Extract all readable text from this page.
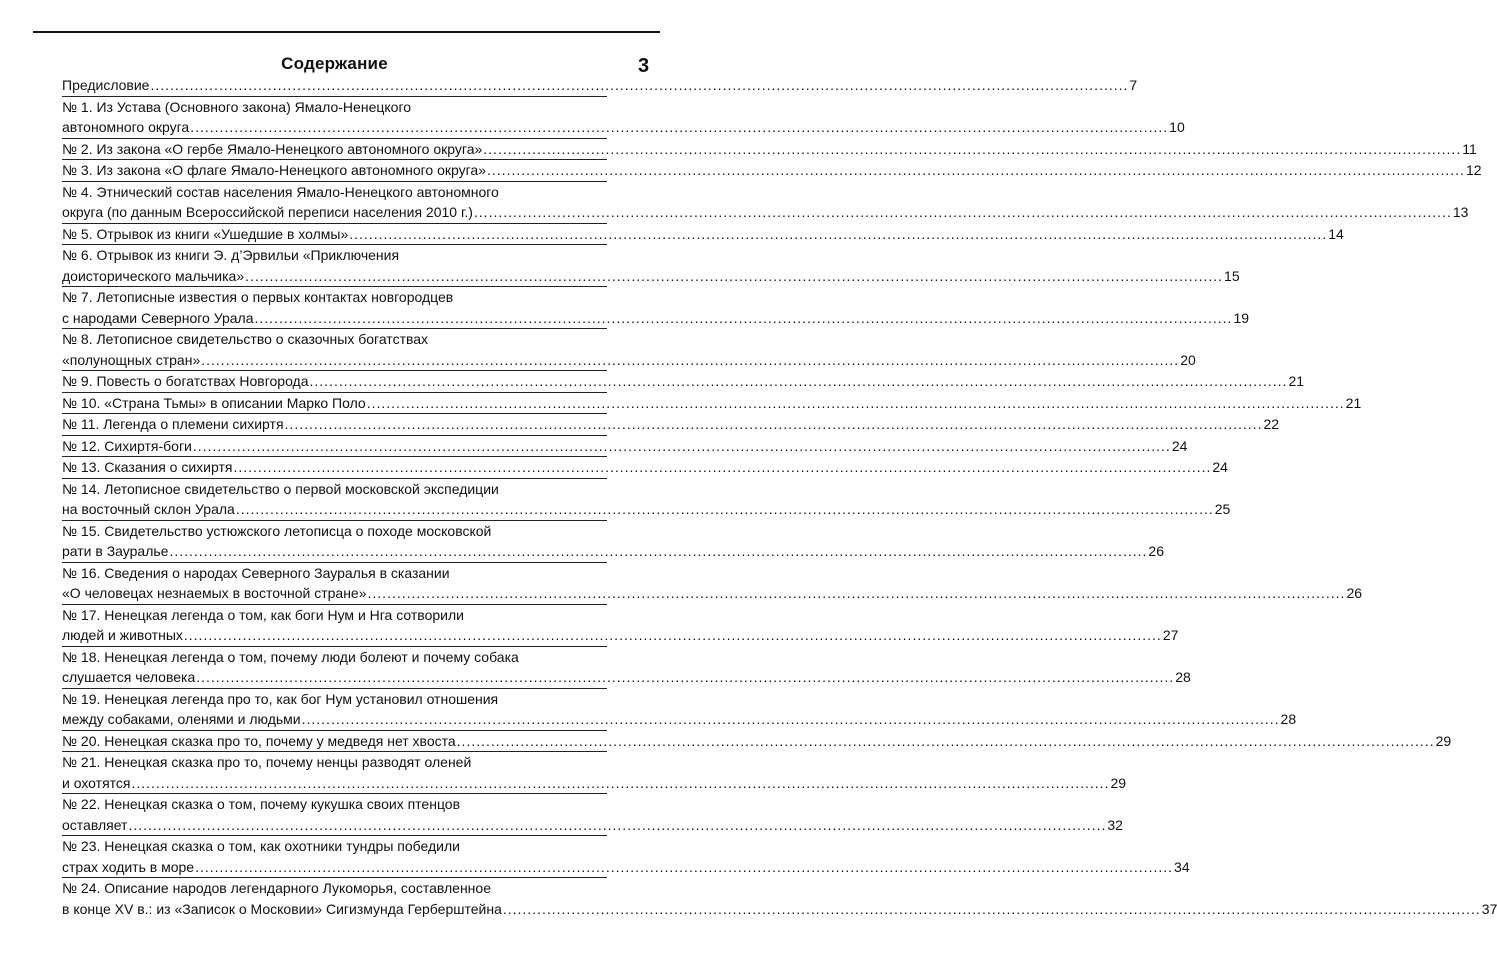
3
Содержание
Предисловие ........................................................................................................................................................................................................ 7
№ 1. Из Устава (Основного закона) Ямало-Ненецкого
автономного округа ........................................................................................................................................................................................................ 10
№ 2. Из закона «О гербе Ямало-Ненецкого автономного округа» ........................................................................................................................................................................................................ 11
№ 3. Из закона «О флаге Ямало-Ненецкого автономного округа» ........................................................................................................................................................................................................ 12
№ 4. Этнический состав населения Ямало-Ненецкого автономного
округа (по данным Всероссийской переписи населения 2010 г.) ........................................................................................................................................................................................................ 13
№ 5. Отрывок из книги «Ушедшие в холмы» ........................................................................................................................................................................................................ 14
№ 6. Отрывок из книги Э. д’Эрвильи «Приключения
доисторического мальчика» ........................................................................................................................................................................................................ 15
№ 7. Летописные известия о первых контактах новгородцев
с народами Северного Урала ........................................................................................................................................................................................................ 19
№ 8. Летописное свидетельство о сказочных богатствах
«полунощных стран» ........................................................................................................................................................................................................ 20
№ 9. Повесть о богатствах Новгорода ........................................................................................................................................................................................................ 21
№ 10. «Страна Тьмы» в описании Марко Поло ........................................................................................................................................................................................................ 21
№ 11. Легенда о племени сихиртя ........................................................................................................................................................................................................ 22
№ 12. Сихиртя-боги ........................................................................................................................................................................................................ 24
№ 13. Сказания о сихиртя ........................................................................................................................................................................................................ 24
№ 14. Летописное свидетельство о первой московской экспедиции
на восточный склон Урала ........................................................................................................................................................................................................ 25
№ 15. Свидетельство устюжского летописца о походе московской
рати в Зауралье ........................................................................................................................................................................................................ 26
№ 16. Сведения о народах Северного Зауралья в сказании
«О человецах незнаемых в восточной стране» ........................................................................................................................................................................................................ 26
№ 17. Ненецкая легенда о том, как боги Нум и Нга сотворили
людей и животных ........................................................................................................................................................................................................ 27
№ 18. Ненецкая легенда о том, почему люди болеют и почему собака
слушается человека ........................................................................................................................................................................................................ 28
№ 19. Ненецкая легенда про то, как бог Нум установил отношения
между собаками, оленями и людьми ........................................................................................................................................................................................................ 28
№ 20. Ненецкая сказка про то, почему у медведя нет хвоста ........................................................................................................................................................................................................ 29
№ 21. Ненецкая сказка про то, почему ненцы разводят оленей
и охотятся ........................................................................................................................................................................................................ 29
№ 22. Ненецкая сказка о том, почему кукушка своих птенцов
оставляет ........................................................................................................................................................................................................ 32
№ 23. Ненецкая сказка о том, как охотники тундры победили
страх ходить в море ........................................................................................................................................................................................................ 34
№ 24. Описание народов легендарного Лукоморья, составленное
в конце XV в.: из «Записок о Московии» Сигизмунда Герберштейна ........................................................................................................................................................................................................ 37
